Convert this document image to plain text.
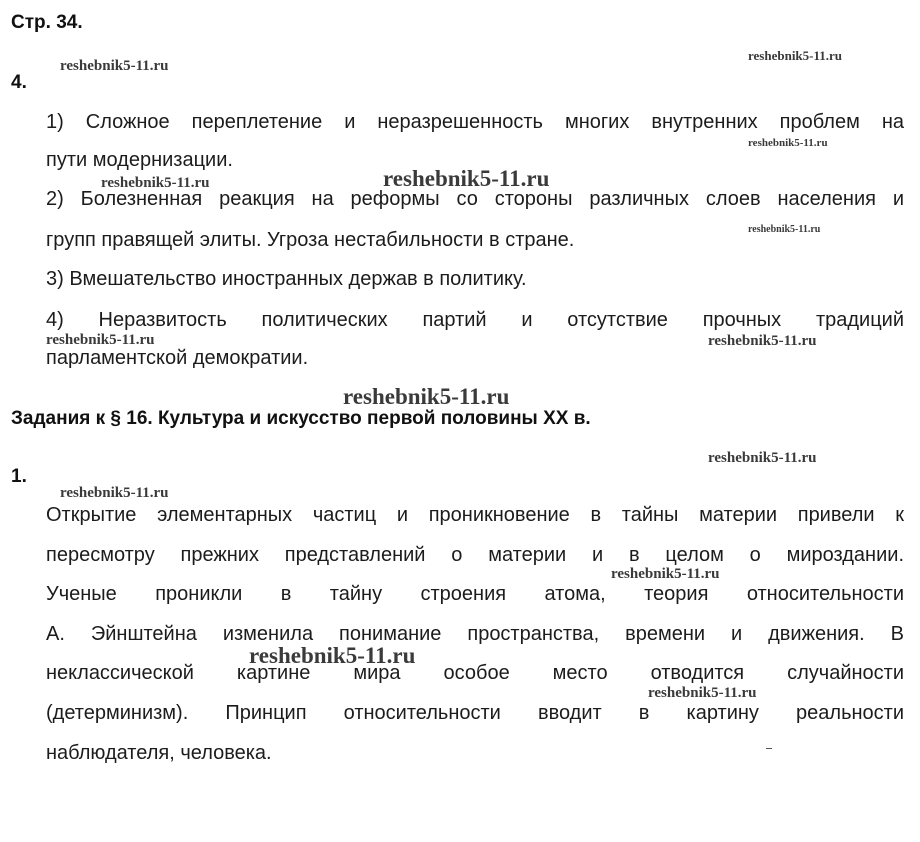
Стр. 34.
4.
1) Сложное переплетение и неразрешенность многих внутренних проблем на
пути модернизации.
2) Болезненная реакция на реформы со стороны различных слоев населения и
групп правящей элиты. Угроза нестабильности в стране.
3) Вмешательство иностранных держав в политику.
4) Неразвитость политических партий и отсутствие прочных традиций
парламентской демократии.
Задания к § 16. Культура и искусство первой половины XX в.
1.
Открытие элементарных частиц и проникновение в тайны материи привели к
пересмотру прежних представлений о материи и в целом о мироздании.
Ученые проникли в тайну строения атома, теория относительности
А. Эйнштейна изменила понимание пространства, времени и движения. В
неклассической картине мира особое место отводится случайности
(детерминизм). Принцип относительности вводит в картину реальности
наблюдателя, человека.
reshebnik5-11.ru
reshebnik5-11.ru
reshebnik5-11.ru
reshebnik5-11.ru	reshebnik5-11.ru
reshebnik5-11.ru
reshebnik5-11.ru	reshebnik5-11.ru
reshebnik5-11.ru
reshebnik5-11.ru
reshebnik5-11.ru
reshebnik5-11.ru
reshebnik5-11.ru
reshebnik5-11.ru
